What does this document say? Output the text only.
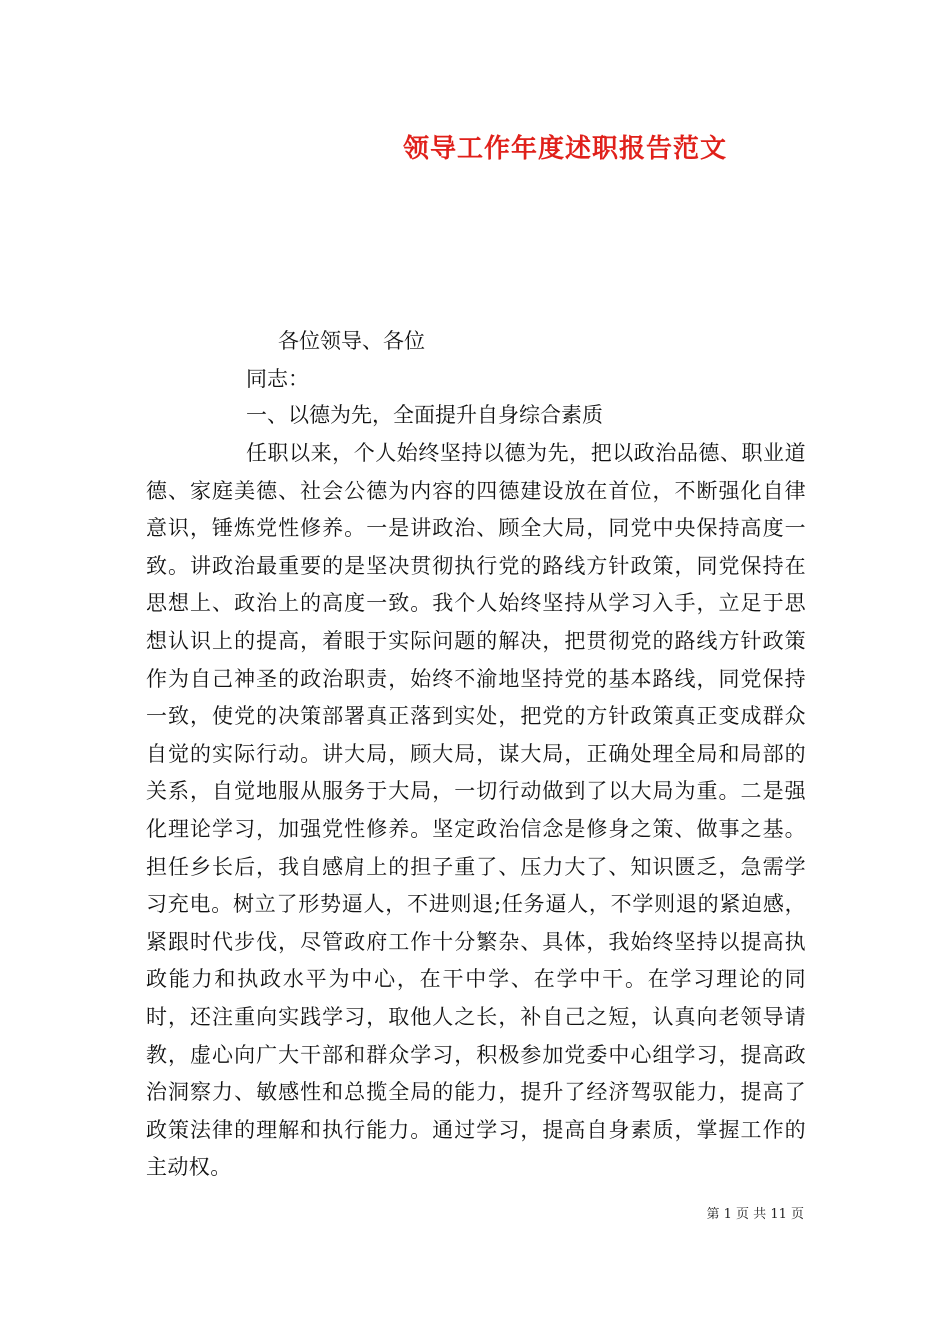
领导工作年度述职报告范文
各位领导、各位
同志：
一、以德为先，全面提升自身综合素质
任职以来，个人始终坚持以德为先，把以政治品德、职业道德、家庭美德、社会公德为内容的四德建设放在首位，不断强化自律意识，锤炼党性修养。一是讲政治、顾全大局，同党中央保持高度一致。讲政治最重要的是坚决贯彻执行党的路线方针政策，同党保持在思想上、政治上的高度一致。我个人始终坚持从学习入手，立足于思想认识上的提高，着眼于实际问题的解决，把贯彻党的路线方针政策作为自己神圣的政治职责，始终不渝地坚持党的基本路线，同党保持一致，使党的决策部署真正落到实处，把党的方针政策真正变成群众自觉的实际行动。讲大局，顾大局，谋大局，正确处理全局和局部的关系，自觉地服从服务于大局，一切行动做到了以大局为重。二是强化理论学习，加强党性修养。坚定政治信念是修身之策、做事之基。担任乡长后，我自感肩上的担子重了、压力大了、知识匮乏，急需学习充电。树立了形势逼人，不进则退;任务逼人，不学则退的紧迫感，紧跟时代步伐，尽管政府工作十分繁杂、具体，我始终坚持以提高执政能力和执政水平为中心，在干中学、在学中干。在学习理论的同时，还注重向实践学习，取他人之长，补自己之短，认真向老领导请教，虚心向广大干部和群众学习，积极参加党委中心组学习，提高政治洞察力、敏感性和总揽全局的能力，提升了经济驾驭能力，提高了政策法律的理解和执行能力。通过学习，提高自身素质，掌握工作的主动权。
第 1 页 共 11 页
